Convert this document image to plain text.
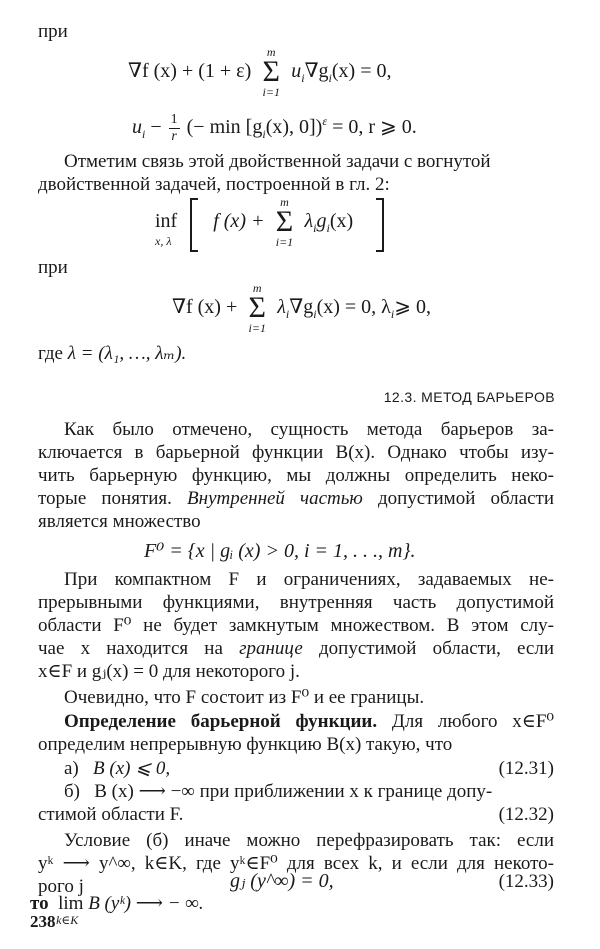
при
∇f (x) + (1 + ε)
m
Σ
i=1
$u_i\nabla g_i(x) = 0$,
$u_i - \frac{1}{r}$ (− $\min [g_i(x)$, 0])$^\varepsilon$ = 0, r ⩾ 0.
Отметим связь этой двойственной задачи с вогнутой
двойственной задачей, построенной в гл. 2:
inf
x, λ
f (x) +
m
Σ
i=1
$\lambda_ig_i(x)$
при
∇f (x) +
m
Σ
i=1
$\lambda_i\nabla g_i(x) = 0$, $\lambda_i⩾$ 0,
где λ = (λ₁, …, λₘ).
12.3. МЕТОД БАРЬЕРОВ
Как было отмечено, сущность метода барьеров за-
ключается в барьерной функции B(x). Однако чтобы изу-
чить барьерную функцию, мы должны определить неко-
торые понятия. Внутренней частью допустимой области
является множество
F⁰ = {x | gᵢ (x) > 0, i = 1, . . ., m}.
При компактном F и ограничениях, задаваемых не-
прерывными функциями, внутренняя часть допустимой
области F⁰ не будет замкнутым множеством. В этом слу-
чае x находится на границе допустимой области, если
x∈F и gⱼ(x) = 0 для некоторого j.
Очевидно, что F состоит из F⁰ и ее границы.
Определение барьерной функции. Для любого x∈F⁰
определим непрерывную функцию B(x) такую, что
а) B (x) ⩽ 0,	(12.31)
б) B (x) ⟶ −∞ при приближении x к границе допу-
стимой области F.	(12.32)
Условие (б) иначе можно перефразировать так: если
yᵏ ⟶ y^∞, k∈K, где yᵏ∈F⁰ для всех k, и если для некото-
рого j	gⱼ (y^∞) = 0,	(12.33)
то lim
k∈K
B (yᵏ) ⟶ − ∞.
238
